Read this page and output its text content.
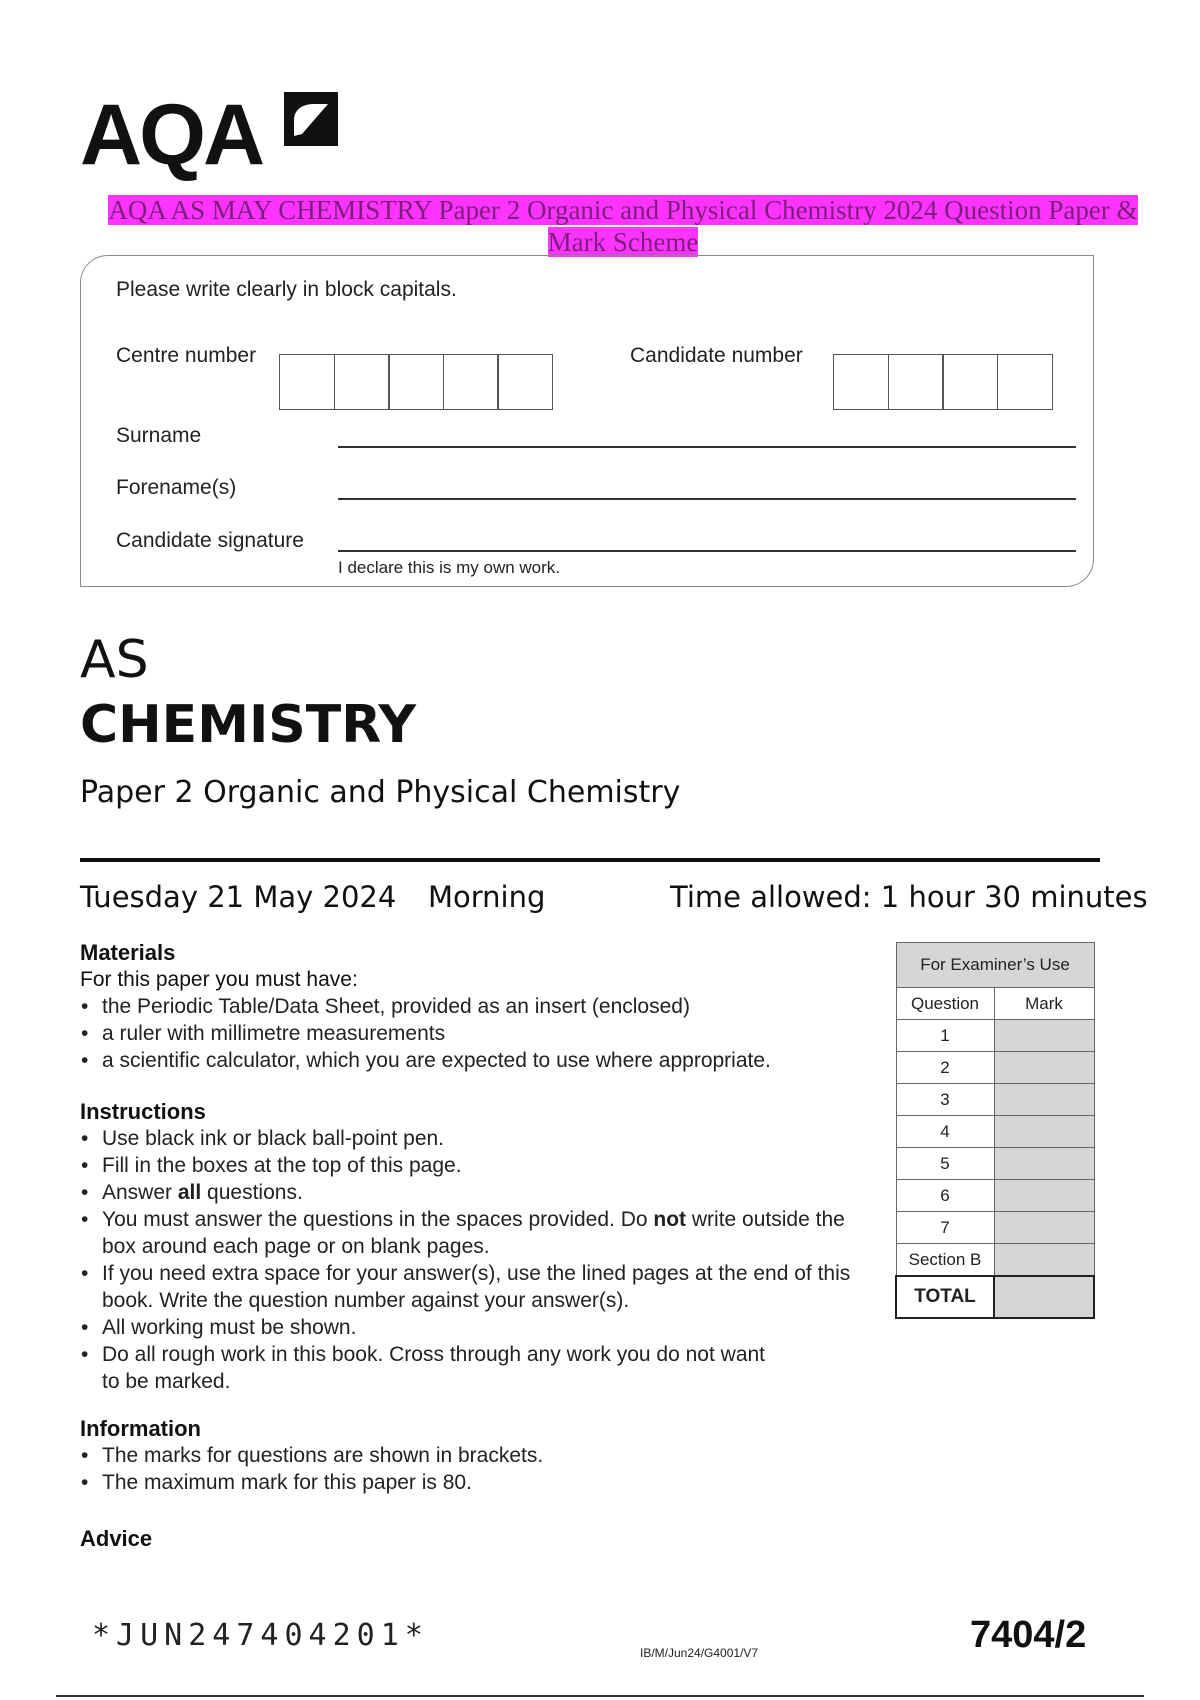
AQA
AQA AS MAY CHEMISTRY Paper 2 Organic and Physical Chemistry 2024 Question Paper & Mark Scheme
Please write clearly in block capitals.
Centre number	Candidate number
Surname
Forename(s)
Candidate signature
I declare this is my own work.
AS
CHEMISTRY
Paper 2 Organic and Physical Chemistry
Tuesday 21 May 2024 Morning	Time allowed: 1 hour 30 minutes
Materials
For this paper you must have:
• the Periodic Table/Data Sheet, provided as an insert (enclosed)
• a ruler with millimetre measurements
• a scientific calculator, which you are expected to use where appropriate.
Instructions
• Use black ink or black ball-point pen.
• Fill in the boxes at the top of this page.
• Answer all questions.
• You must answer the questions in the spaces provided. Do not write outside the box around each page or on blank pages.
• If you need extra space for your answer(s), use the lined pages at the end of this book. Write the question number against your answer(s).
• All working must be shown.
• Do all rough work in this book. Cross through any work you do not want to be marked.
Information
• The marks for questions are shown in brackets.
• The maximum mark for this paper is 80.
Advice
For Examiner’s Use	
Question	Mark
1	
2	
3	
4	
5	
6	
7	
Section B	
TOTAL	
*JUN247404201*	IB/M/Jun24/G4001/V7	7404/2
